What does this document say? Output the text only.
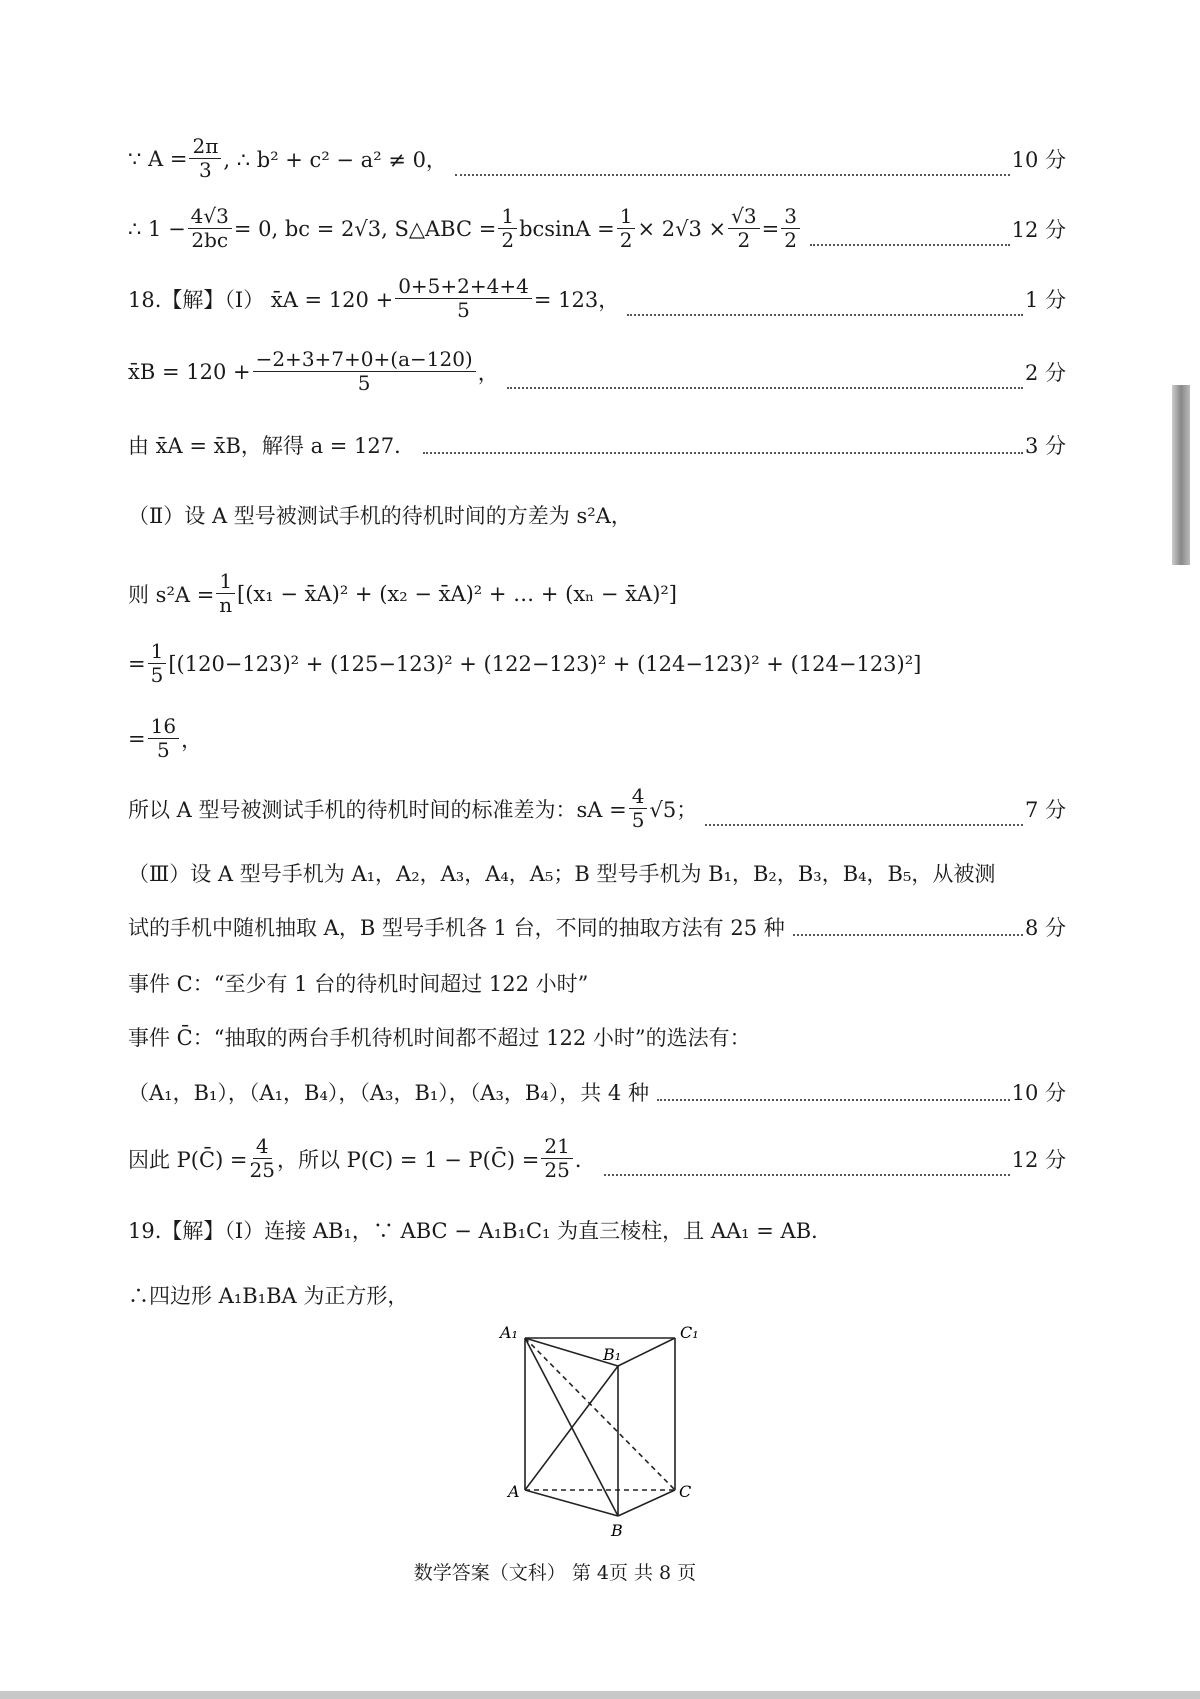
∵ $A = \frac{2\pi}{3}$ , ∴ b² + c² − a² ≠ 0，	10 分
∴ $1 - \frac{4√3}{2bc} = 0$, bc = 2√3, S△ABC = $\frac{1}{2}$ $bcsinA = \frac{1}{2} \times 2√3 \times \frac{√3}{2} = \frac{3}{2}$	12 分
18.【解】（Ⅰ） x̄A = $120 + \frac{0+5+2+4+4}{5} = 123$，	1 分
x̄B = $120 + \frac{-2+3+7+0+(a-120)}{5}$ ，	2 分
由 x̄A = x̄B，解得 a = 127．	3 分
（Ⅱ）设 A 型号被测试手机的待机时间的方差为 s²A，
则 $s^2A = \frac{1}{n} [(x_1$ − x̄A)² + (x₂ − x̄A)² + … + (xₙ − x̄A)²]
= $\frac{1}{5} [(120-123)^2 + (125-123)^2 + (122-123)^2 + (124-123)^2 + (124-123)^2]$
= $\frac{16}{5}$ ，
所以 A 型号被测试手机的待机时间的标准差为：sA = $\frac{4}{5} √5$；	7 分
（Ⅲ）设 A 型号手机为 A₁，A₂，A₃，A₄，A₅；B 型号手机为 B₁，B₂，B₃，B₄，B₅，从被测
试的手机中随机抽取 A，B 型号手机各 1 台，不同的抽取方法有 25 种	8 分
事件 C：“至少有 1 台的待机时间超过 122 小时”
事件 C̄：“抽取的两台手机待机时间都不超过 122 小时”的选法有：
（A₁，B₁），（A₁，B₄），（A₃，B₁），（A₃，B₄），共 4 种	10 分
因此 P(C̄) = $\frac{4}{25}$ ，所以 P(C) = 1 − P(C̄) = $\frac{21}{25}$ ．	12 分
19.【解】（Ⅰ）连接 AB₁，∵ ABC − A₁B₁C₁ 为直三棱柱，且 AA₁ = AB．
∴四边形 A₁B₁BA 为正方形，
A₁
B₁
C₁
A
B
C
数学答案（文科） 第 4页 共 8 页
